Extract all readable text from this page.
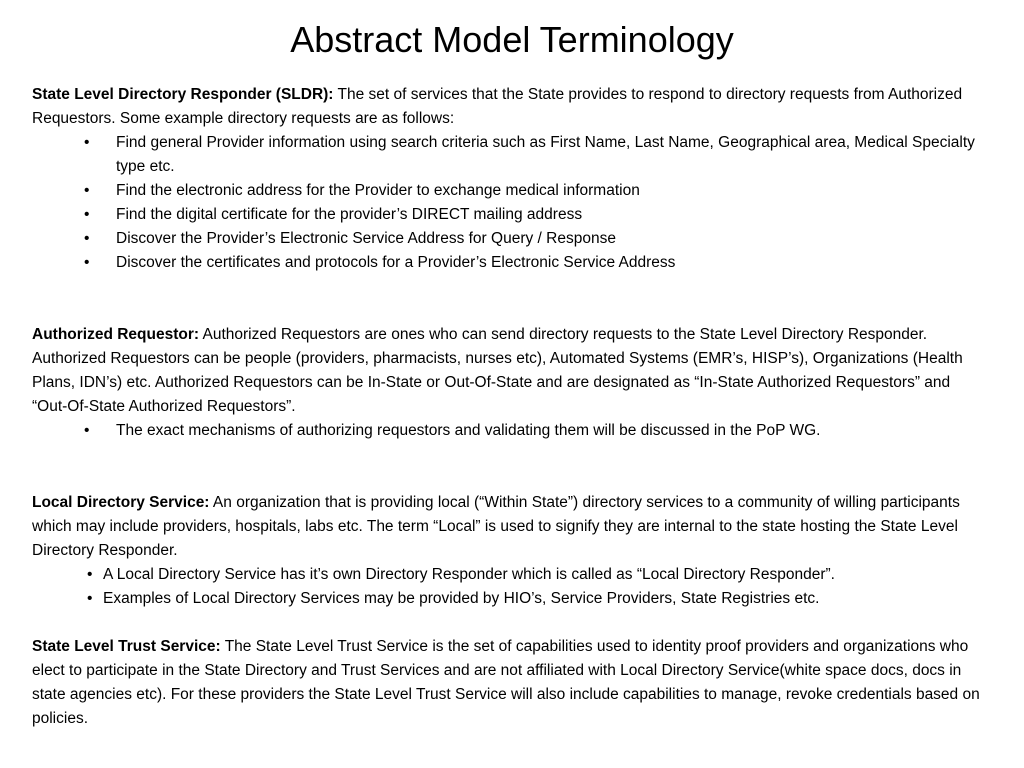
Abstract Model Terminology

State Level Directory Responder (SLDR): The set of services that the State provides to respond to directory requests from Authorized Requestors. Some example directory requests are as follows:

• Find general Provider information using search criteria such as First Name, Last Name, Geographical area, Medical Specialty type etc.
• Find the electronic address for the Provider to exchange medical information
• Find the digital certificate for the provider’s DIRECT mailing address
• Discover the Provider’s Electronic Service Address for Query / Response
• Discover the certificates and protocols for a Provider’s Electronic Service Address

Authorized Requestor: Authorized Requestors are ones who can send directory requests to the State Level Directory Responder. Authorized Requestors can be people (providers, pharmacists, nurses etc), Automated Systems (EMR’s, HISP’s), Organizations (Health Plans, IDN’s) etc. Authorized Requestors can be In-State or Out-Of-State and are designated as “In-State Authorized Requestors” and “Out-Of-State Authorized Requestors”.

• The exact mechanisms of authorizing requestors and validating them will be discussed in the PoP WG.

Local Directory Service: An organization that is providing local (“Within State”) directory services to a community of willing participants which may include providers, hospitals, labs etc. The term “Local” is used to signify they are internal to the state hosting the State Level Directory Responder.

• A Local Directory Service has it’s own Directory Responder which is called as “Local Directory Responder”.
• Examples of Local Directory Services may be provided by HIO’s, Service Providers, State Registries etc.

State Level Trust Service: The State Level Trust Service is the set of capabilities used to identity proof providers and organizations who elect to participate in the State Directory and Trust Services and are not affiliated with Local Directory Service(white space docs, docs in state agencies etc). For these providers the State Level Trust Service will also include capabilities to manage, revoke credentials based on policies.
